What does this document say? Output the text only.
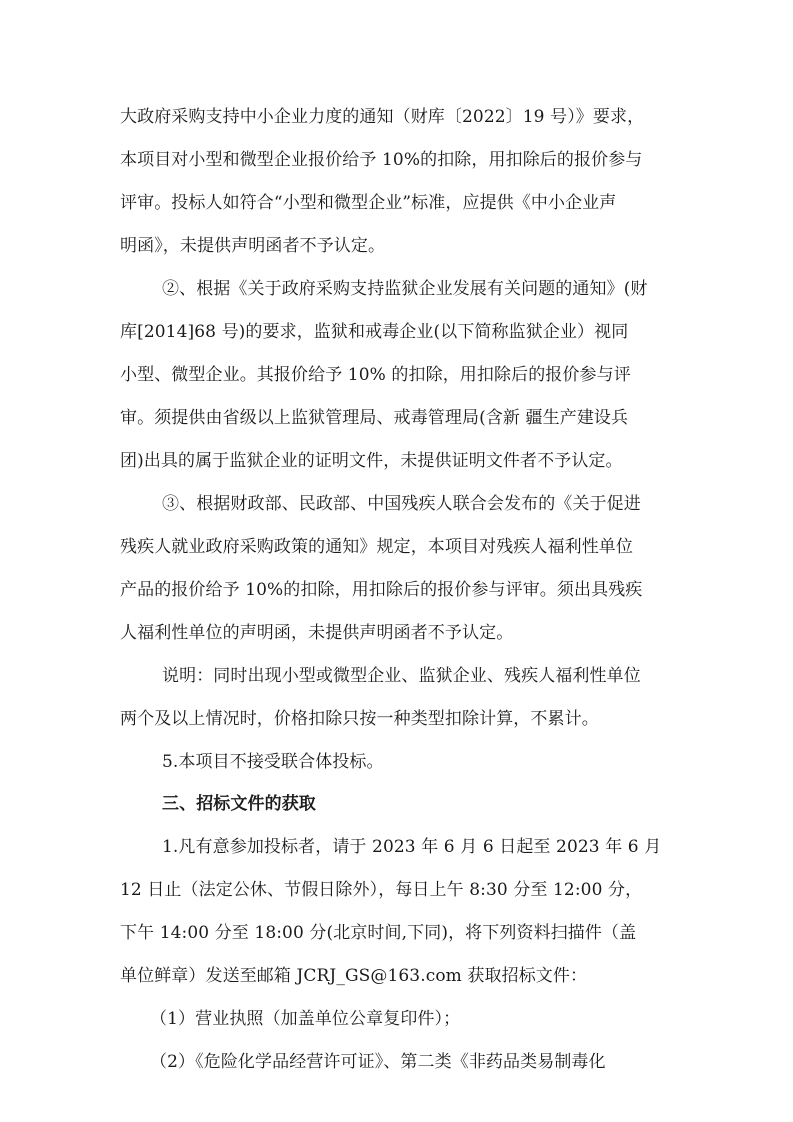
大政府采购支持中小企业力度的通知（财库〔2022〕19 号）》要求，
本项目对小型和微型企业报价给予 10%的扣除，用扣除后的报价参与
评审。投标人如符合“小型和微型企业”标准，应提供《中小企业声
明函》，未提供声明函者不予认定。
②、根据《关于政府采购支持监狱企业发展有关问题的通知》(财
库[2014]68 号)的要求，监狱和戒毒企业(以下简称监狱企业）视同
小型、微型企业。其报价给予 10% 的扣除，用扣除后的报价参与评
审。须提供由省级以上监狱管理局、戒毒管理局(含新 疆生产建设兵
团)出具的属于监狱企业的证明文件，未提供证明文件者不予认定。
③、根据财政部、民政部、中国残疾人联合会发布的《关于促进
残疾人就业政府采购政策的通知》规定，本项目对残疾人福利性单位
产品的报价给予 10%的扣除，用扣除后的报价参与评审。须出具残疾
人福利性单位的声明函，未提供声明函者不予认定。
说明：同时出现小型或微型企业、监狱企业、残疾人福利性单位
两个及以上情况时，价格扣除只按一种类型扣除计算，不累计。
5.本项目不接受联合体投标。
三、招标文件的获取
1.凡有意参加投标者，请于 2023 年 6 月 6 日起至 2023 年 6 月
12 日止（法定公休、节假日除外），每日上午 8:30 分至 12:00 分，
下午 14:00 分至 18:00 分(北京时间,下同)，将下列资料扫描件（盖
单位鲜章）发送至邮箱 JCRJ_GS@163.com 获取招标文件：
（1）营业执照（加盖单位公章复印件）；
（2）《危险化学品经营许可证》、第二类《非药品类易制毒化
